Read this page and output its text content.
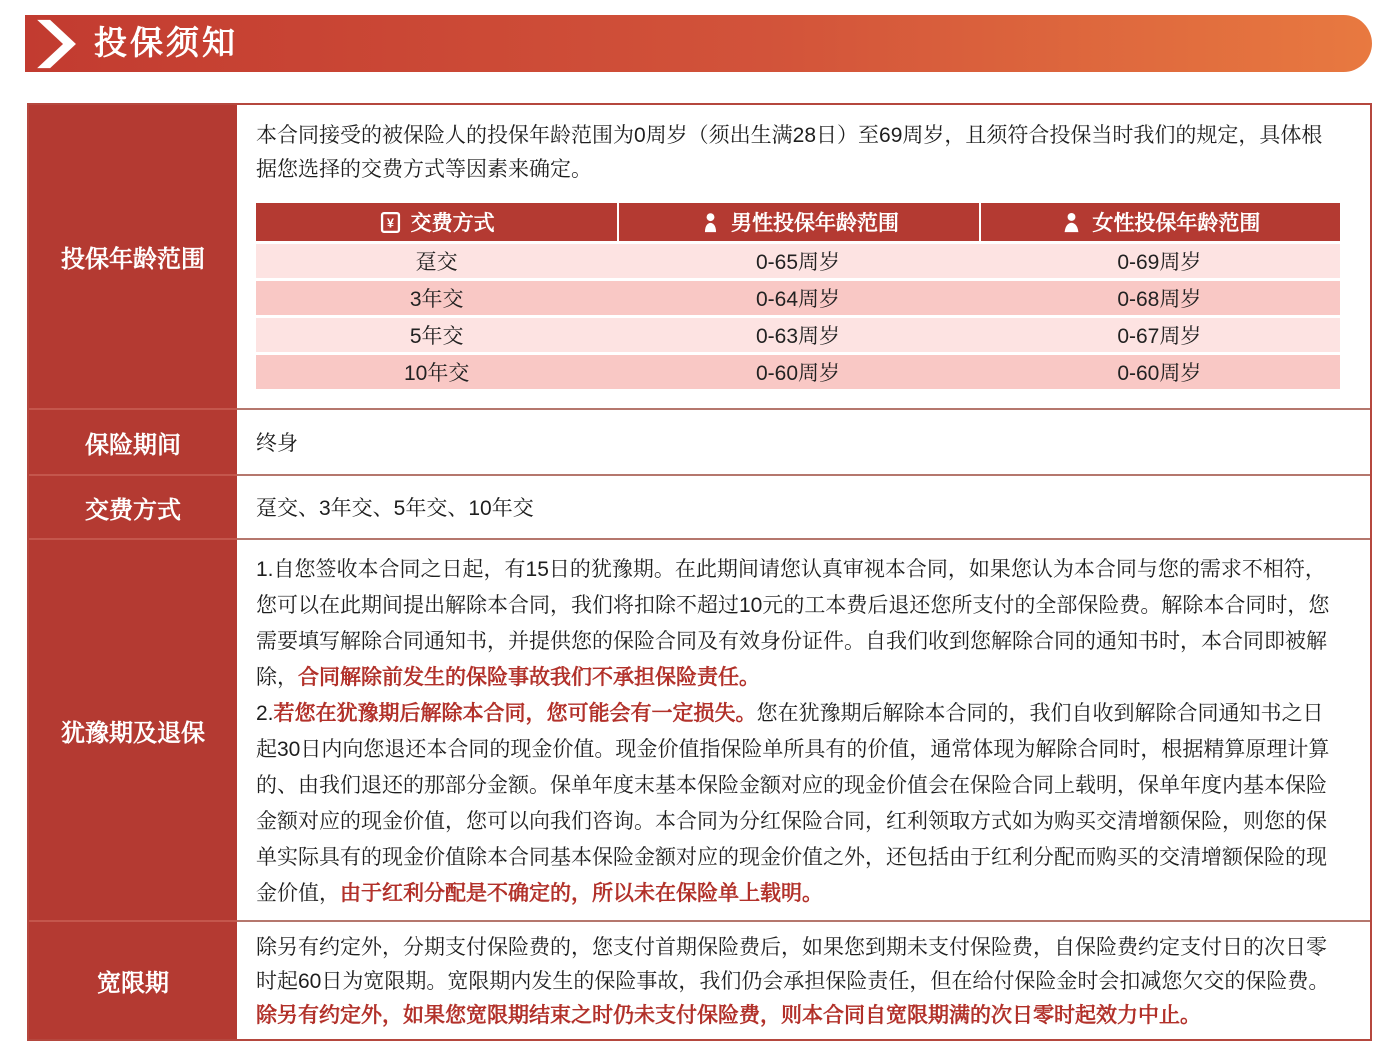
投保须知
投保年龄范围

本合同接受的被保险人的投保年龄范围为0周岁（须出生满28日）至69周岁，且须符合投保当时我们的规定，具体根据您选择的交费方式等因素来确定。

¥ 交费方式	男性投保年龄范围	女性投保年龄范围

趸交	0-65周岁	0-69周岁
3年交	0-64周岁	0-68周岁
5年交	0-63周岁	0-67周岁
10年交	0-60周岁	0-60周岁
保险期间	终身
交费方式	趸交、3年交、5年交、10年交
犹豫期及退保

1.自您签收本合同之日起，有15日的犹豫期。在此期间请您认真审视本合同，如果您认为本合同与您的需求不相符，您可以在此期间提出解除本合同，我们将扣除不超过10元的工本费后退还您所支付的全部保险费。解除本合同时，您需要填写解除合同通知书，并提供您的保险合同及有效身份证件。自我们收到您解除合同的通知书时，本合同即被解除，合同解除前发生的保险事故我们不承担保险责任。

2.若您在犹豫期后解除本合同，您可能会有一定损失。您在犹豫期后解除本合同的，我们自收到解除合同通知书之日起30日内向您退还本合同的现金价值。现金价值指保险单所具有的价值，通常体现为解除合同时，根据精算原理计算的、由我们退还的那部分金额。保单年度末基本保险金额对应的现金价值会在保险合同上载明，保单年度内基本保险金额对应的现金价值，您可以向我们咨询。本合同为分红保险合同，红利领取方式如为购买交清增额保险，则您的保单实际具有的现金价值除本合同基本保险金额对应的现金价值之外，还包括由于红利分配而购买的交清增额保险的现金价值，由于红利分配是不确定的，所以未在保险单上载明。

宽限期

除另有约定外，分期支付保险费的，您支付首期保险费后，如果您到期未支付保险费，自保险费约定支付日的次日零时起60日为宽限期。宽限期内发生的保险事故，我们仍会承担保险责任，但在给付保险金时会扣减您欠交的保险费。除另有约定外，如果您宽限期结束之时仍未支付保险费，则本合同自宽限期满的次日零时起效力中止。
